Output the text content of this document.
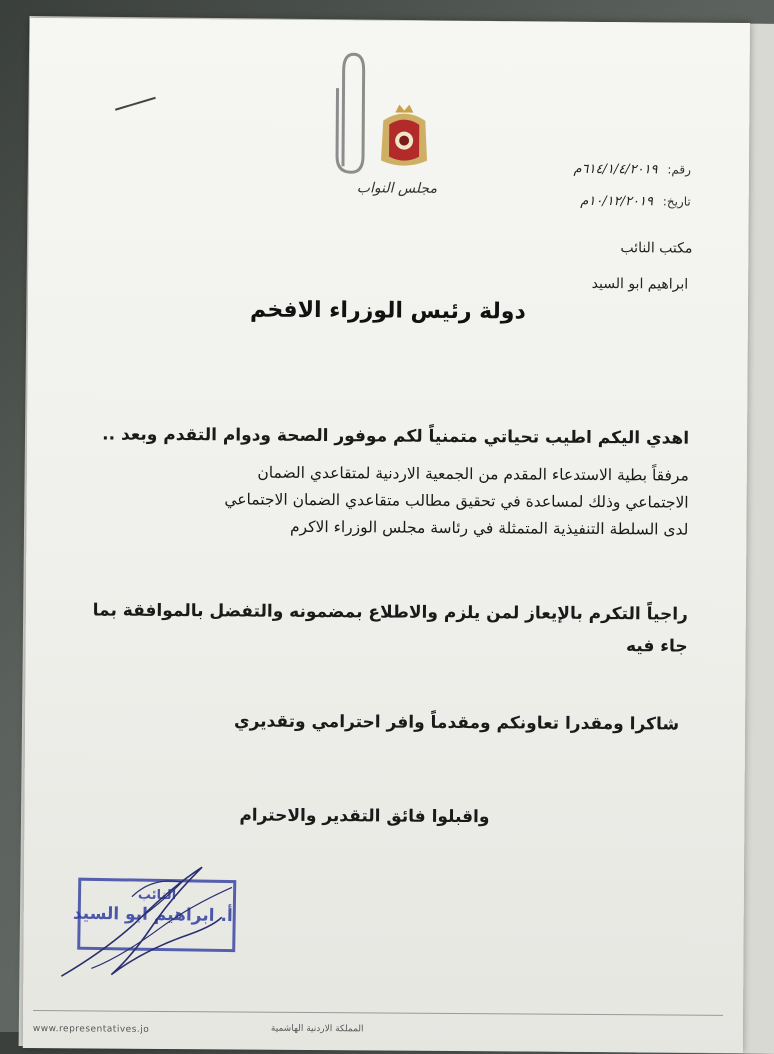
مجلس النواب
رقم: ٦١٤/١/٤/٢٠١٩م
تاريخ: ١٠/١٢/٢٠١٩م
مكتب النائب
ابراهيم ابو السيد
دولة رئيس الوزراء الافخم
اهدي اليكم اطيب تحياتي متمنياً لكم موفور الصحة ودوام التقدم وبعد ..
مرفقاً بطية الاستدعاء المقدم من الجمعية الاردنية لمتقاعدي الضمان
الاجتماعي وذلك لمساعدة في تحقيق مطالب متقاعدي الضمان الاجتماعي
لدى السلطة التنفيذية المتمثلة في رئاسة مجلس الوزراء الاكرم
راجياً التكرم بالإيعاز لمن يلزم والاطلاع بمضمونه والتفضل بالموافقة بما
جاء فيه
شاكرا ومقدرا تعاونكم ومقدماً وافر احترامي وتقديري
واقبلوا فائق التقدير والاحترام
النائب
أ. ابراهيم ابو السيد
www.representatives.jo	المملكة الاردنية الهاشمية
